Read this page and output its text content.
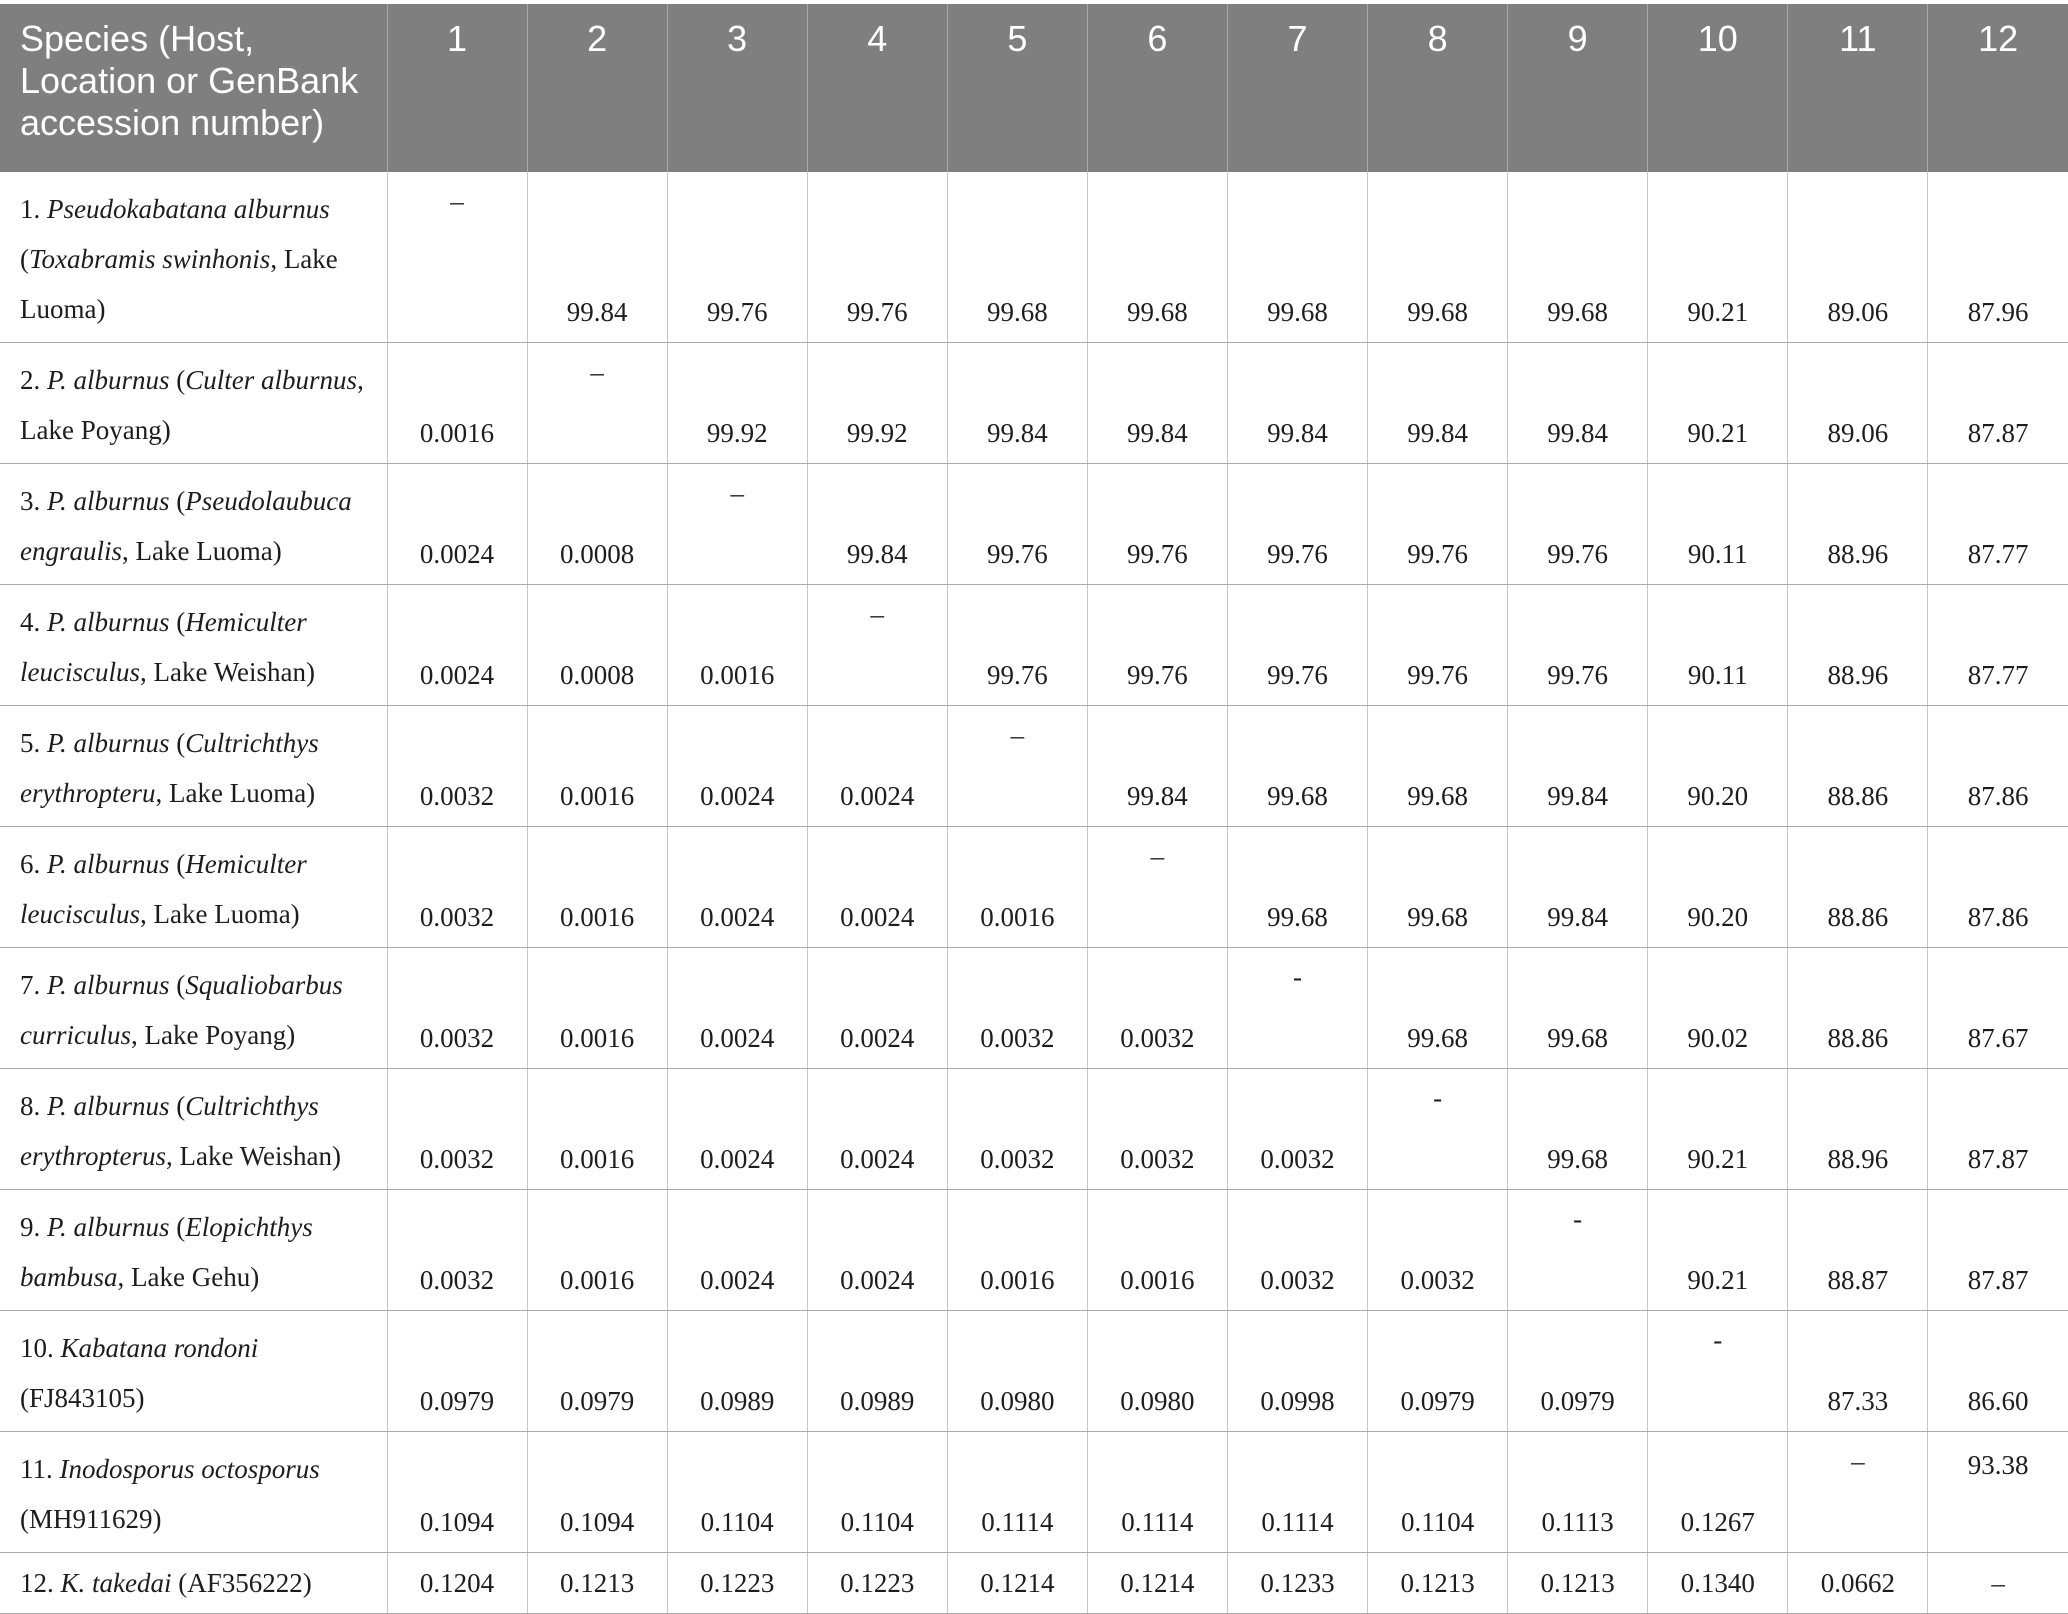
Species (Host, Location or GenBank accession number)	1	2	3	4	5	6	7	8	9	10	11	12
1. Pseudokabatana alburnus (Toxabramis swinhonis, Lake Luoma)	–	99.84	99.76	99.76	99.68	99.68	99.68	99.68	99.68	90.21	89.06	87.96
2. P. alburnus (Culter alburnus, Lake Poyang)	0.0016	–	99.92	99.92	99.84	99.84	99.84	99.84	99.84	90.21	89.06	87.87
3. P. alburnus (Pseudolaubuca engraulis, Lake Luoma)	0.0024	0.0008	–	99.84	99.76	99.76	99.76	99.76	99.76	90.11	88.96	87.77
4. P. alburnus (Hemiculter leucisculus, Lake Weishan)	0.0024	0.0008	0.0016	–	99.76	99.76	99.76	99.76	99.76	90.11	88.96	87.77
5. P. alburnus (Cultrichthys erythropteru, Lake Luoma)	0.0032	0.0016	0.0024	0.0024	–	99.84	99.68	99.68	99.84	90.20	88.86	87.86
6. P. alburnus (Hemiculter leucisculus, Lake Luoma)	0.0032	0.0016	0.0024	0.0024	0.0016	–	99.68	99.68	99.84	90.20	88.86	87.86
7. P. alburnus (Squaliobarbus curriculus, Lake Poyang)	0.0032	0.0016	0.0024	0.0024	0.0032	0.0032	-	99.68	99.68	90.02	88.86	87.67
8. P. alburnus (Cultrichthys erythropterus, Lake Weishan)	0.0032	0.0016	0.0024	0.0024	0.0032	0.0032	0.0032	-	99.68	90.21	88.96	87.87
9. P. alburnus (Elopichthys bambusa, Lake Gehu)	0.0032	0.0016	0.0024	0.0024	0.0016	0.0016	0.0032	0.0032	-	90.21	88.87	87.87
10. Kabatana rondoni (FJ843105)	0.0979	0.0979	0.0989	0.0989	0.0980	0.0980	0.0998	0.0979	0.0979	-	87.33	86.60
11. Inodosporus octosporus (MH911629)	0.1094	0.1094	0.1104	0.1104	0.1114	0.1114	0.1114	0.1104	0.1113	0.1267	–	93.38
12. K. takedai (AF356222)	0.1204	0.1213	0.1223	0.1223	0.1214	0.1214	0.1233	0.1213	0.1213	0.1340	0.0662	–
